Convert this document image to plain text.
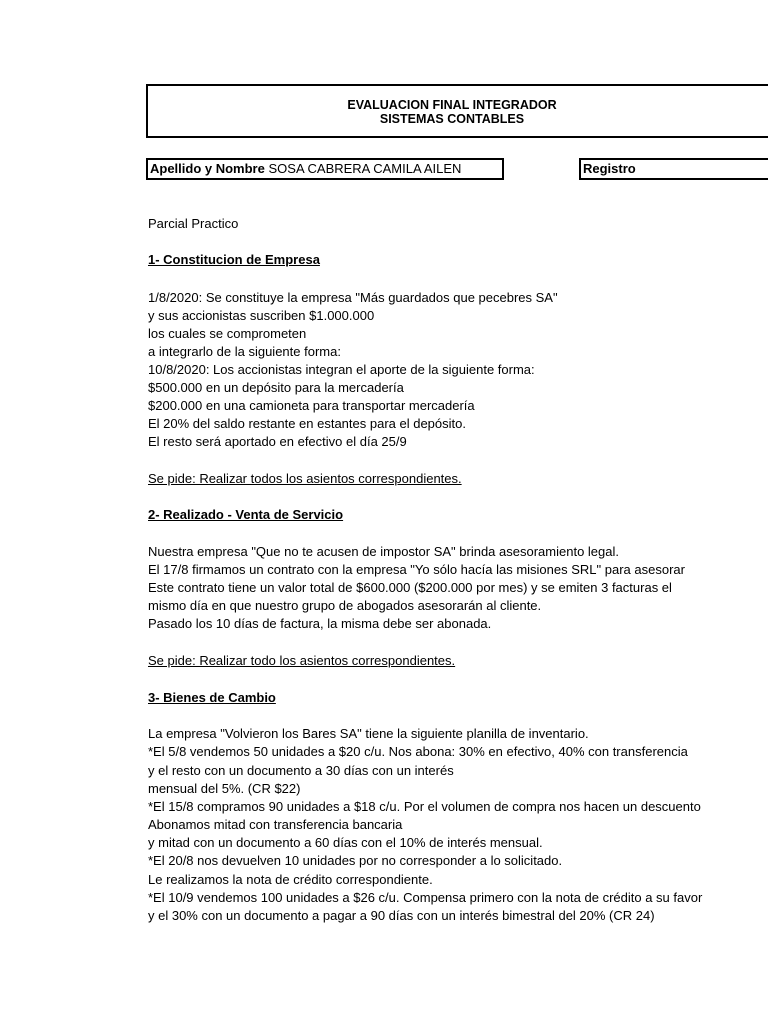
EVALUACION FINAL INTEGRADOR
SISTEMAS CONTABLES
Apellido y Nombre SOSA CABRERA CAMILA AILEN	Registro
Parcial Practico
1- Constitucion de Empresa
1/8/2020: Se constituye la empresa "Más guardados que pecebres SA"
y sus accionistas suscriben $1.000.000
los cuales se comprometen
a integrarlo de la siguiente forma:
10/8/2020: Los accionistas integran el aporte de la siguiente forma:
$500.000 en un depósito para la mercadería
$200.000 en una camioneta para transportar mercadería
El 20% del saldo restante en estantes para el depósito.
El resto será aportado en efectivo el día 25/9
Se pide: Realizar todos los asientos correspondientes.
2- Realizado - Venta de Servicio
Nuestra empresa "Que no te acusen de impostor SA" brinda asesoramiento legal.
El 17/8 firmamos un contrato con la empresa "Yo sólo hacía las misiones SRL" para asesorar
Este contrato tiene un valor total de $600.000 ($200.000 por mes) y se emiten 3 facturas el
mismo día en que nuestro grupo de abogados asesorarán al cliente.
Pasado los 10 días de factura, la misma debe ser abonada.
Se pide: Realizar todo los asientos correspondientes.
3- Bienes de Cambio
La empresa "Volvieron los Bares SA" tiene la siguiente planilla de inventario.
*El 5/8 vendemos 50 unidades a $20 c/u. Nos abona: 30% en efectivo, 40% con transferencia
y el resto con un documento a 30 días con un interés
mensual del 5%. (CR $22)
*El 15/8 compramos 90 unidades a $18 c/u. Por el volumen de compra nos hacen un descuento
Abonamos mitad con transferencia bancaria
y mitad con un documento a 60 días con el 10% de interés mensual.
*El 20/8 nos devuelven 10 unidades por no corresponder a lo solicitado.
Le realizamos la nota de crédito correspondiente.
*El 10/9 vendemos 100 unidades a $26 c/u. Compensa primero con la nota de crédito a su favor
y el 30% con un documento a pagar a 90 días con un interés bimestral del 20% (CR 24)
